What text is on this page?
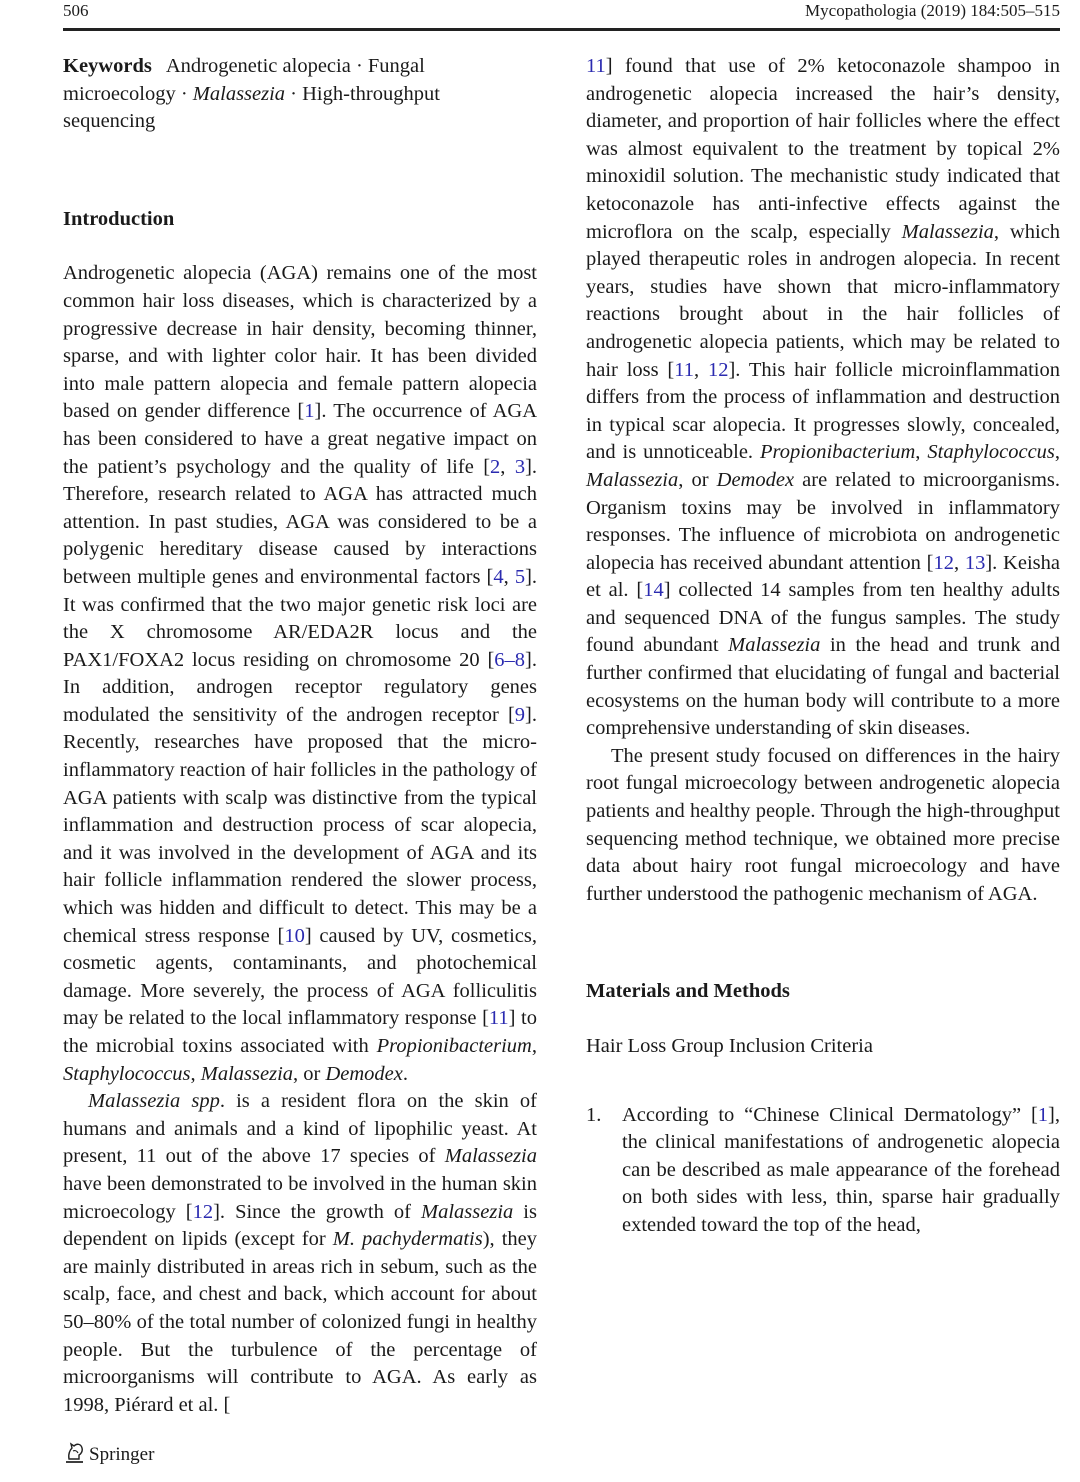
506	Mycopathologia (2019) 184:505–515

Keywords Androgenetic alopecia · Fungal microecology · Malassezia · High-throughput sequencing

Introduction
Androgenetic alopecia (AGA) remains one of the most common hair loss diseases, which is characterized by a progressive decrease in hair density, becoming thinner, sparse, and with lighter color hair. It has been divided into male pattern alopecia and female pattern alopecia based on gender difference [1]. The occurrence of AGA has been considered to have a great negative impact on the patient’s psychology and the quality of life [2, 3]. Therefore, research related to AGA has attracted much attention. In past studies, AGA was considered to be a polygenic hereditary disease caused by interactions between multiple genes and environmental factors [4, 5]. It was confirmed that the two major genetic risk loci are the X chromosome AR/EDA2R locus and the PAX1/FOXA2 locus residing on chromosome 20 [6–8]. In addition, androgen receptor regulatory genes modulated the sensitivity of the androgen receptor [9]. Recently, researches have proposed that the micro-inflammatory reaction of hair follicles in the pathology of AGA patients with scalp was distinctive from the typical inflammation and destruction process of scar alopecia, and it was involved in the development of AGA and its hair follicle inflammation rendered the slower process, which was hidden and difficult to detect. This may be a chemical stress response [10] caused by UV, cosmetics, cosmetic agents, contaminants, and photochemical damage. More severely, the process of AGA folliculitis may be related to the local inflammatory response [11] to the microbial toxins associated with Propionibacterium, Staphylococcus, Malassezia, or Demodex.
Malassezia spp. is a resident flora on the skin of humans and animals and a kind of lipophilic yeast. At present, 11 out of the above 17 species of Malassezia have been demonstrated to be involved in the human skin microecology [12]. Since the growth of Malassezia is dependent on lipids (except for M. pachydermatis), they are mainly distributed in areas rich in sebum, such as the scalp, face, and chest and back, which account for about 50–80% of the total number of colonized fungi in healthy people. But the turbulence of the percentage of microorganisms will contribute to AGA. As early as 1998, Piérard et al. [
11] found that use of 2% ketoconazole shampoo in androgenetic alopecia increased the hair’s density, diameter, and proportion of hair follicles where the effect was almost equivalent to the treatment by topical 2% minoxidil solution. The mechanistic study indicated that ketoconazole has anti-infective effects against the microflora on the scalp, especially Malassezia, which played therapeutic roles in androgen alopecia. In recent years, studies have shown that micro-inflammatory reactions brought about in the hair follicles of androgenetic alopecia patients, which may be related to hair loss [11, 12]. This hair follicle microinflammation differs from the process of inflammation and destruction in typical scar alopecia. It progresses slowly, concealed, and is unnoticeable. Propionibacterium, Staphylococcus, Malassezia, or Demodex are related to microorganisms. Organism toxins may be involved in inflammatory responses. The influence of microbiota on androgenetic alopecia has received abundant attention [12, 13]. Keisha et al. [14] collected 14 samples from ten healthy adults and sequenced DNA of the fungus samples. The study found abundant Malassezia in the head and trunk and further confirmed that elucidating of fungal and bacterial ecosystems on the human body will contribute to a more comprehensive understanding of skin diseases.

The present study focused on differences in the hairy root fungal microecology between androgenetic alopecia patients and healthy people. Through the high-throughput sequencing method technique, we obtained more precise data about hairy root fungal microecology and have further understood the pathogenic mechanism of AGA.

Materials and Methods
Hair Loss Group Inclusion Criteria
1. According to “Chinese Clinical Dermatology” [1], the clinical manifestations of androgenetic alopecia can be described as male appearance of the forehead on both sides with less, thin, sparse hair gradually extended toward the top of the head,
Springer
